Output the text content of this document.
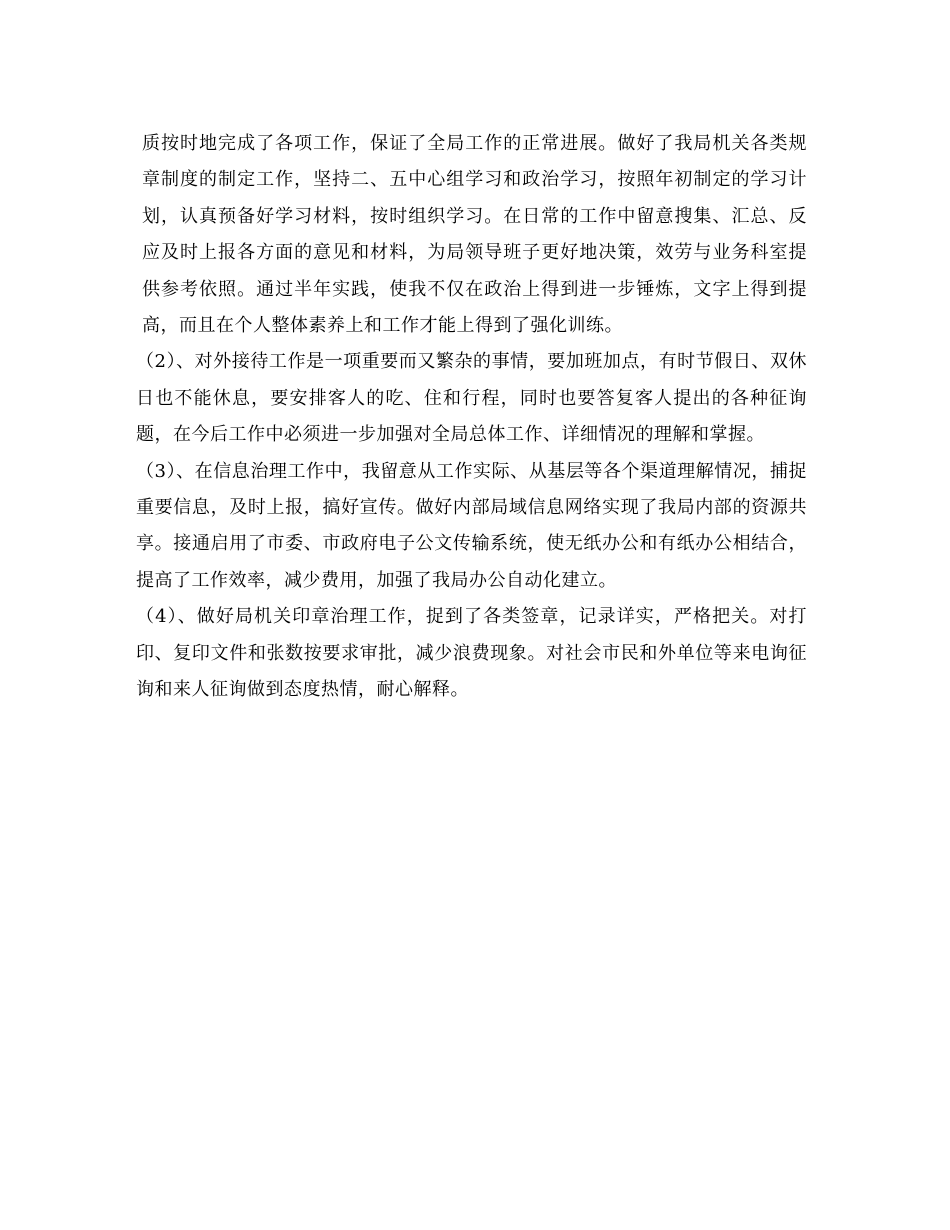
质按时地完成了各项工作，保证了全局工作的正常进展。做好了我局机关各类规章制度的制定工作，坚持二、五中心组学习和政治学习，按照年初制定的学习计划，认真预备好学习材料，按时组织学习。在日常的工作中留意搜集、汇总、反应及时上报各方面的意见和材料，为局领导班子更好地决策，效劳与业务科室提供参考依照。通过半年实践，使我不仅在政治上得到进一步锤炼，文字上得到提高，而且在个人整体素养上和工作才能上得到了强化训练。

（2）、对外接待工作是一项重要而又繁杂的事情，要加班加点，有时节假日、双休日也不能休息，要安排客人的吃、住和行程，同时也要答复客人提出的各种征询题，在今后工作中必须进一步加强对全局总体工作、详细情况的理解和掌握。

（3）、在信息治理工作中，我留意从工作实际、从基层等各个渠道理解情况，捕捉重要信息，及时上报，搞好宣传。做好内部局域信息网络实现了我局内部的资源共享。接通启用了市委、市政府电子公文传输系统，使无纸办公和有纸办公相结合，提高了工作效率，减少费用，加强了我局办公自动化建立。

（4）、做好局机关印章治理工作，捉到了各类签章，记录详实，严格把关。对打印、复印文件和张数按要求审批，减少浪费现象。对社会市民和外单位等来电询征询和来人征询做到态度热情，耐心解释。
